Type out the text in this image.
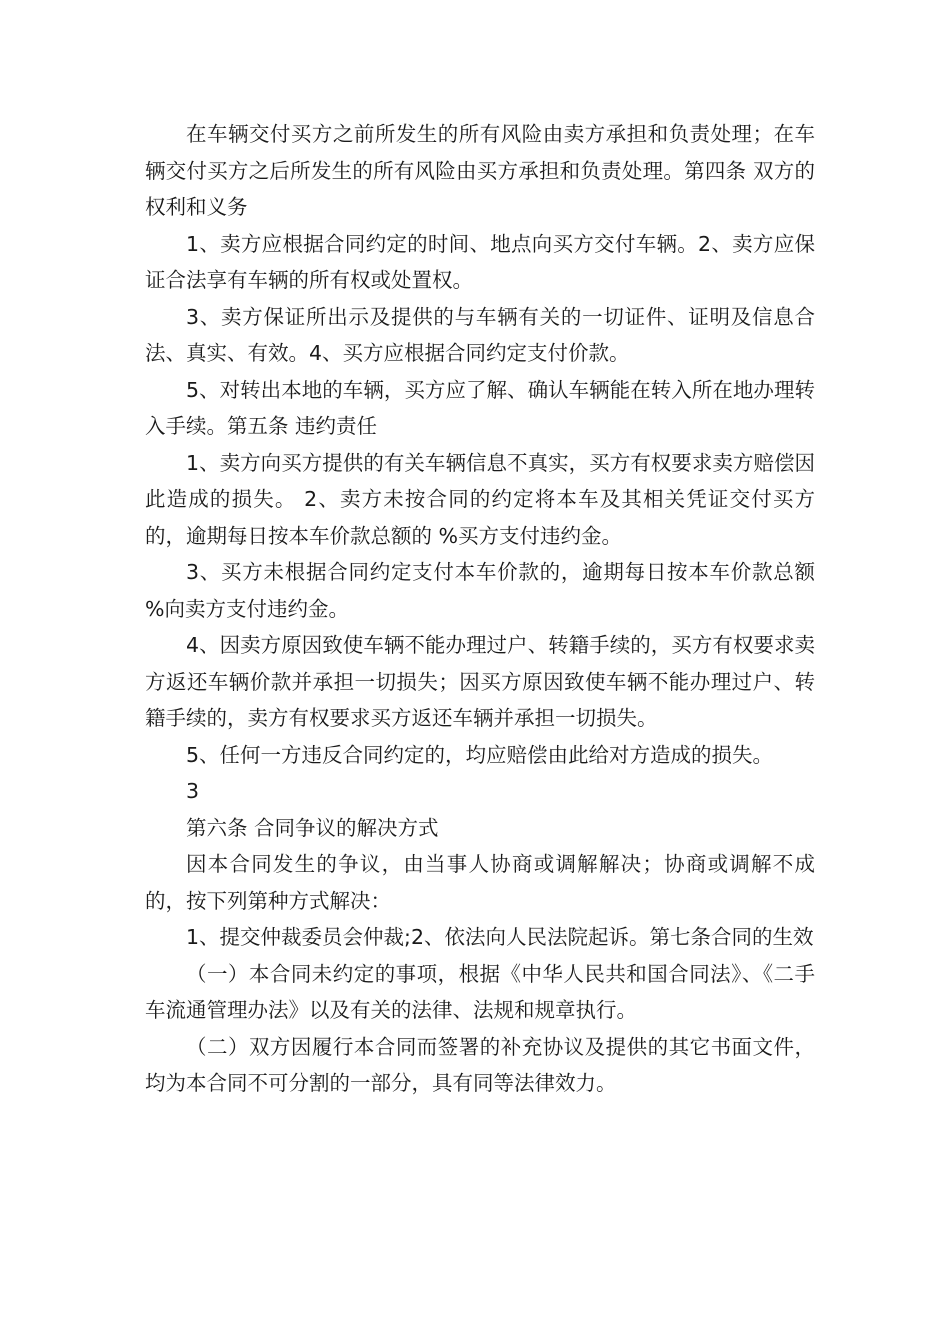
在车辆交付买方之前所发生的所有风险由卖方承担和负责处理；在车辆交付买方之后所发生的所有风险由买方承担和负责处理。第四条 双方的权利和义务

1、卖方应根据合同约定的时间、地点向买方交付车辆。2、卖方应保证合法享有车辆的所有权或处置权。

3、卖方保证所出示及提供的与车辆有关的一切证件、证明及信息合法、真实、有效。4、买方应根据合同约定支付价款。

5、对转出本地的车辆，买方应了解、确认车辆能在转入所在地办理转入手续。第五条 违约责任

1、卖方向买方提供的有关车辆信息不真实，买方有权要求卖方赔偿因此造成的损失。 2、卖方未按合同的约定将本车及其相关凭证交付买方的，逾期每日按本车价款总额的 %买方支付违约金。

3、买方未根据合同约定支付本车价款的，逾期每日按本车价款总额 %向卖方支付违约金。

4、因卖方原因致使车辆不能办理过户、转籍手续的，买方有权要求卖方返还车辆价款并承担一切损失；因买方原因致使车辆不能办理过户、转籍手续的，卖方有权要求买方返还车辆并承担一切损失。

5、任何一方违反合同约定的，均应赔偿由此给对方造成的损失。

3

第六条 合同争议的解决方式

因本合同发生的争议，由当事人协商或调解解决；协商或调解不成的，按下列第种方式解决：

1、提交仲裁委员会仲裁;2、依法向人民法院起诉。第七条合同的生效

（一）本合同未约定的事项，根据《中华人民共和国合同法》、《二手车流通管理办法》以及有关的法律、法规和规章执行。

（二）双方因履行本合同而签署的补充协议及提供的其它书面文件，均为本合同不可分割的一部分，具有同等法律效力。
